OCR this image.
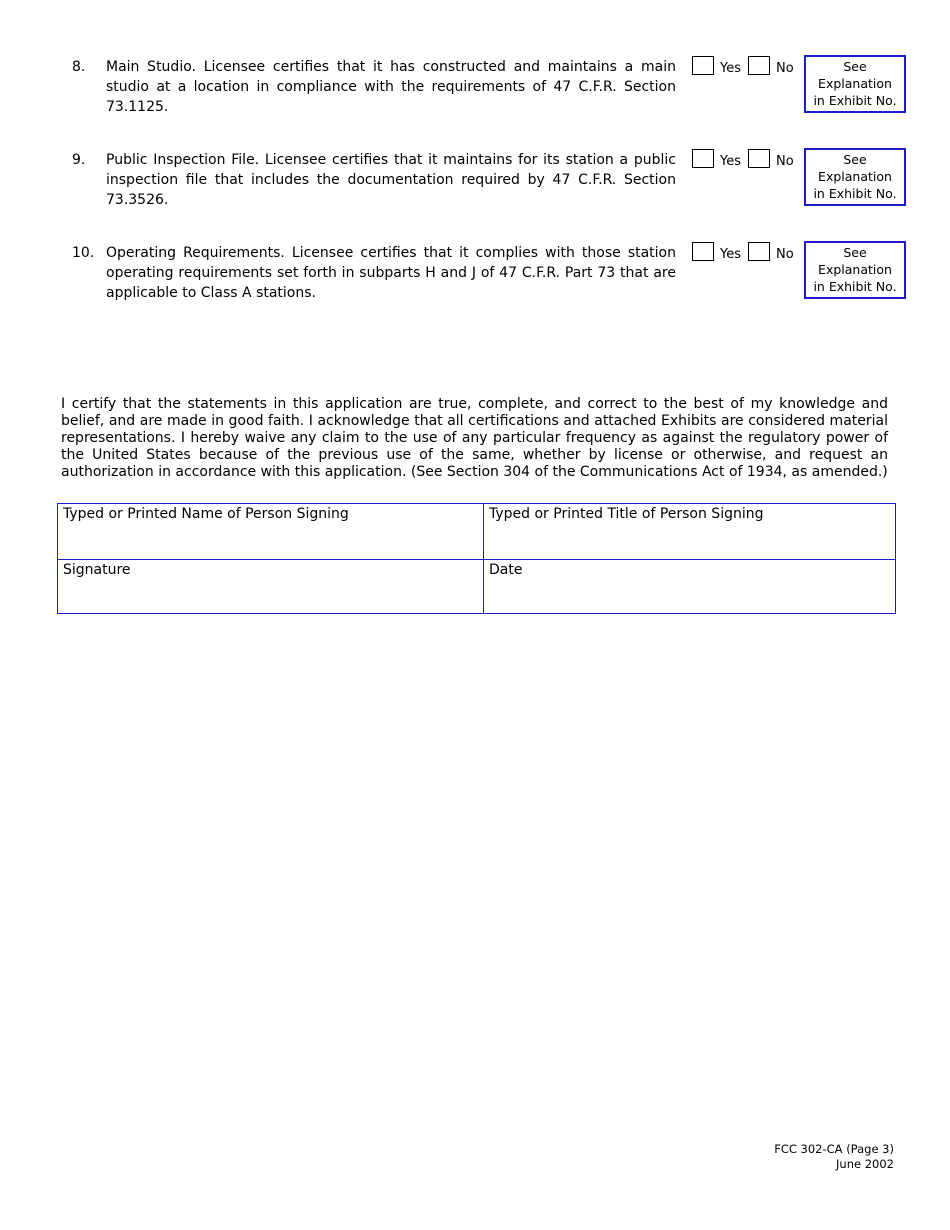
8. Main Studio. Licensee certifies that it has constructed and maintains a main studio at a location in compliance with the requirements of 47 C.F.R. Section 73.1125.
Yes	No	See Explanation
in Exhibit No.
9. Public Inspection File. Licensee certifies that it maintains for its station a public inspection file that includes the documentation required by 47 C.F.R. Section 73.3526.
Yes	No	See Explanation
in Exhibit No.
10. Operating Requirements. Licensee certifies that it complies with those station operating requirements set forth in subparts H and J of 47 C.F.R. Part 73 that are applicable to Class A stations.
Yes	No	See Explanation
in Exhibit No.
I certify that the statements in this application are true, complete, and correct to the best of my knowledge and belief, and are made in good faith. I acknowledge that all certifications and attached Exhibits are considered material representations. I hereby waive any claim to the use of any particular frequency as against the regulatory power of the United States because of the previous use of the same, whether by license or otherwise, and request an authorization in accordance with this application. (See Section 304 of the Communications Act of 1934, as amended.)
Typed or Printed Name of Person Signing	Typed or Printed Title of Person Signing
Signature	Date
FCC 302-CA (Page 3)
June 2002
